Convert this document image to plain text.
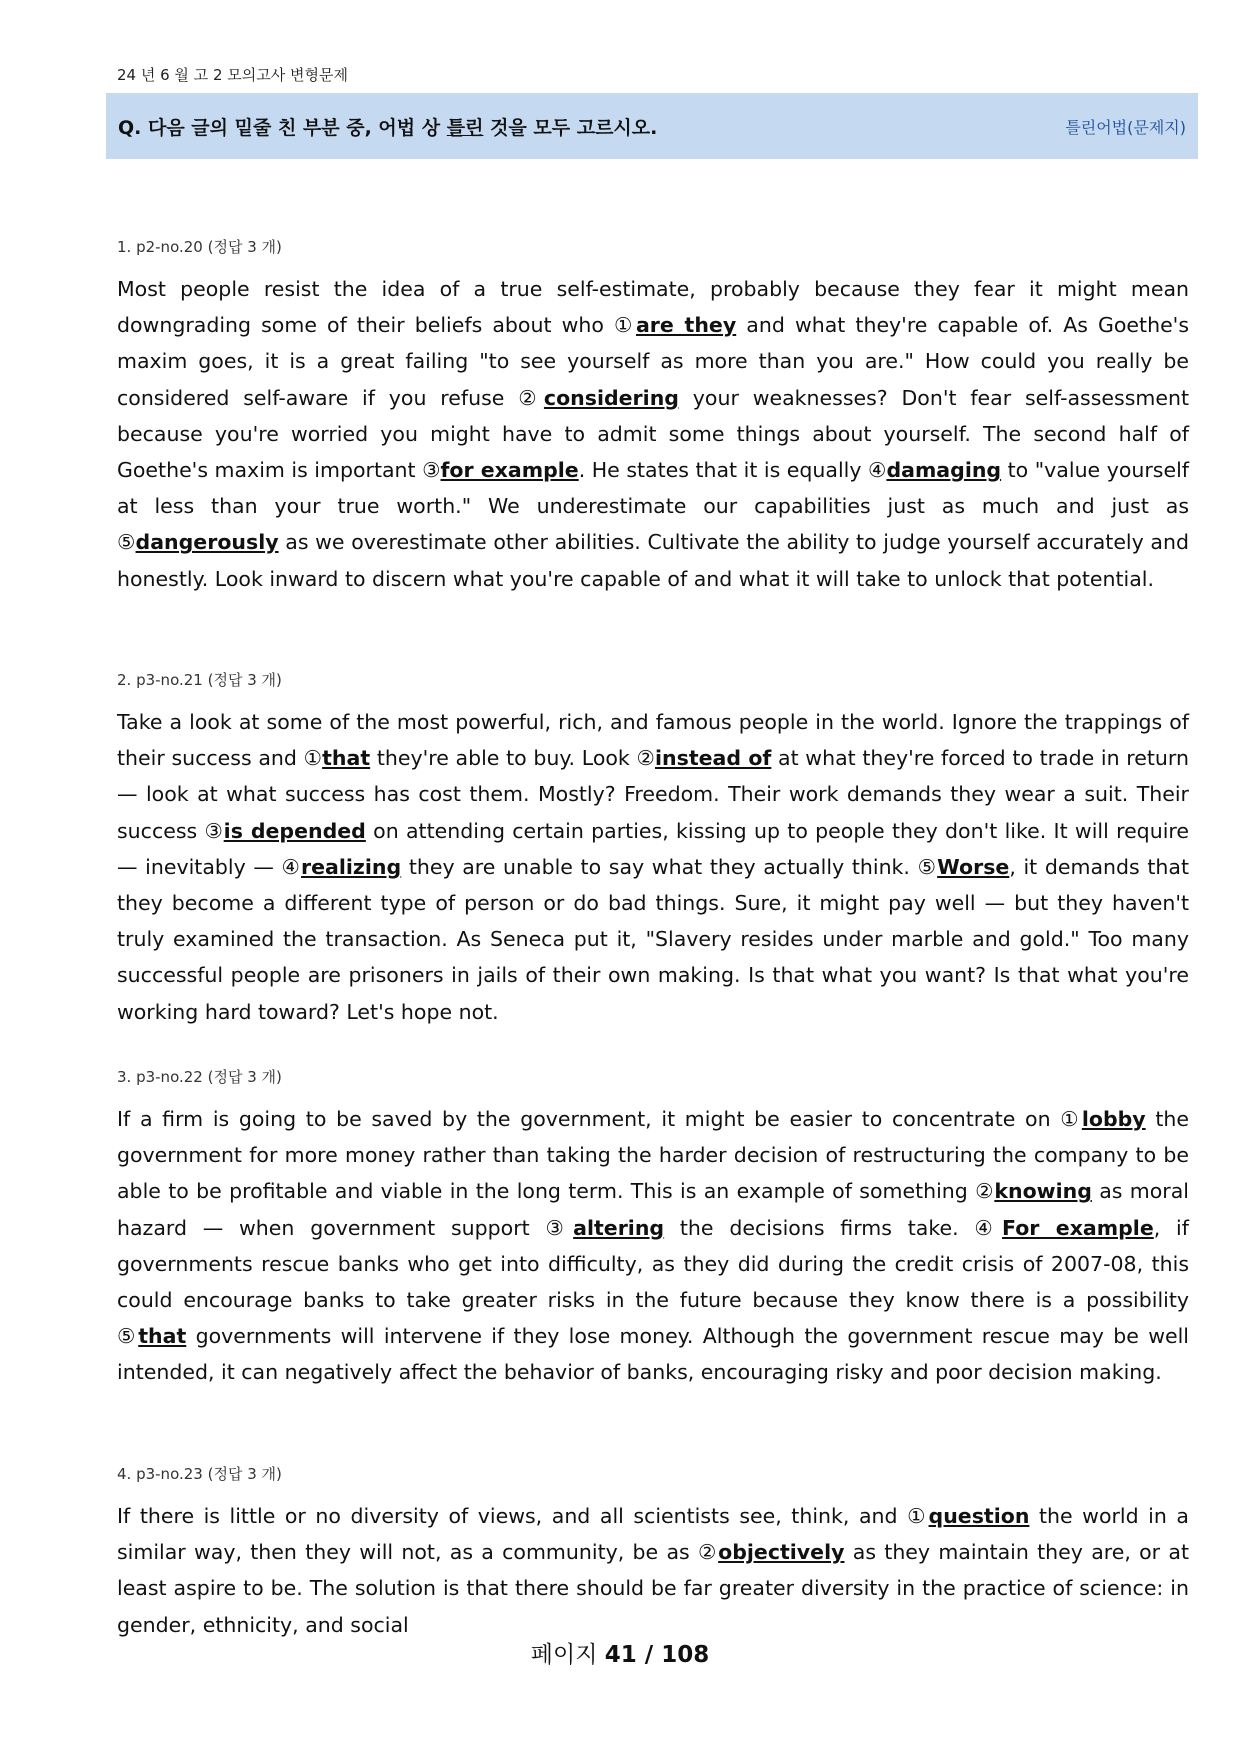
24 년 6 월 고 2 모의고사 변형문제
Q. 다음 글의 밑줄 친 부분 중, 어법 상 틀린 것을 모두 고르시오.	틀린어법(문제지)
1. p2-no.20 (정답 3 개)
Most people resist the idea of a true self-estimate, probably because they fear it might mean downgrading some of their beliefs about who ①are they and what they're capable of. As Goethe's maxim goes, it is a great failing "to see yourself as more than you are." How could you really be considered self-aware if you refuse ②considering your weaknesses? Don't fear self-assessment because you're worried you might have to admit some things about yourself. The second half of Goethe's maxim is important ③for example. He states that it is equally ④damaging to "value yourself at less than your true worth." We underestimate our capabilities just as much and just as ⑤dangerously as we overestimate other abilities. Cultivate the ability to judge yourself accurately and honestly. Look inward to discern what you're capable of and what it will take to unlock that potential.
2. p3-no.21 (정답 3 개)
Take a look at some of the most powerful, rich, and famous people in the world. Ignore the trappings of their success and ①that they're able to buy. Look ②instead of at what they're forced to trade in return — look at what success has cost them. Mostly? Freedom. Their work demands they wear a suit. Their success ③is depended on attending certain parties, kissing up to people they don't like. It will require — inevitably — ④realizing they are unable to say what they actually think. ⑤Worse, it demands that they become a different type of person or do bad things. Sure, it might pay well — but they haven't truly examined the transaction. As Seneca put it, "Slavery resides under marble and gold." Too many successful people are prisoners in jails of their own making. Is that what you want? Is that what you're working hard toward? Let's hope not.
3. p3-no.22 (정답 3 개)
If a firm is going to be saved by the government, it might be easier to concentrate on ①lobby the government for more money rather than taking the harder decision of restructuring the company to be able to be profitable and viable in the long term. This is an example of something ②knowing as moral hazard — when government support ③altering the decisions firms take. ④For example, if governments rescue banks who get into difficulty, as they did during the credit crisis of 2007-08, this could encourage banks to take greater risks in the future because they know there is a possibility ⑤that governments will intervene if they lose money. Although the government rescue may be well intended, it can negatively affect the behavior of banks, encouraging risky and poor decision making.
4. p3-no.23 (정답 3 개)
If there is little or no diversity of views, and all scientists see, think, and ①question the world in a similar way, then they will not, as a community, be as ②objectively as they maintain they are, or at least aspire to be. The solution is that there should be far greater diversity in the practice of science: in gender, ethnicity, and social
페이지 41 / 108
